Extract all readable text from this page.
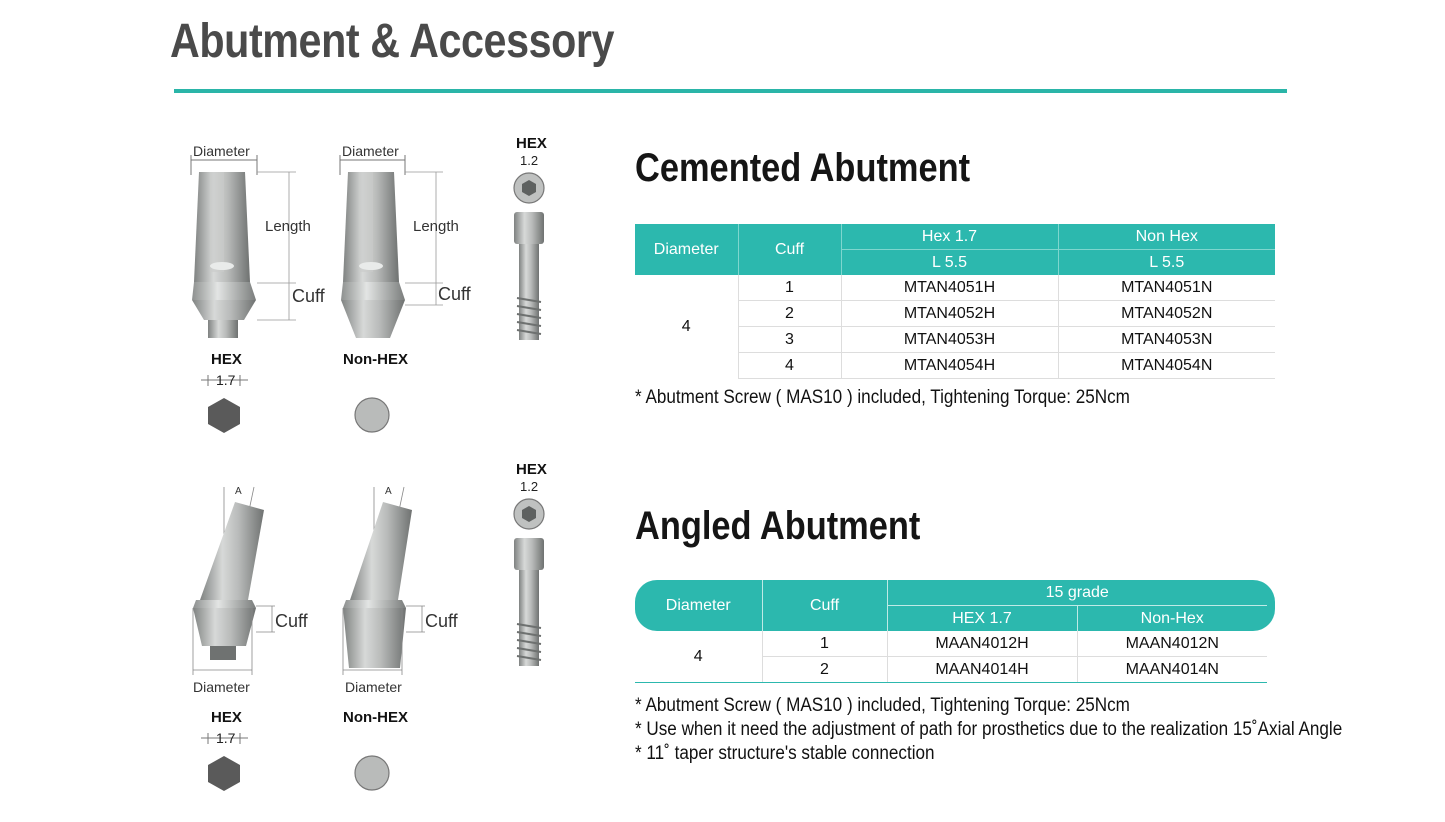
Abutment & Accessory
Diameter
Length
Cuff
Diameter
Length
Cuff
HEX
1.2
HEX
1.7
Non-HEX
A
Cuff
Diameter
A
Cuff
Diameter
HEX
1.2
HEX
1.7
Non-HEX
Cemented Abutment
Diameter	Cuff	Hex 1.7	Non Hex
		L 5.5	L 5.5
4	1	MTAN4051H	MTAN4051N
	2	MTAN4052H	MTAN4052N
	3	MTAN4053H	MTAN4053N
	4	MTAN4054H	MTAN4054N
* Abutment Screw ( MAS10 ) included, Tightening Torque: 25Ncm
Angled Abutment
Diameter	Cuff	15 grade	
		HEX 1.7	Non-Hex
4	1	MAAN4012H	MAAN4012N
	2	MAAN4014H	MAAN4014N
* Abutment Screw ( MAS10 ) included, Tightening Torque: 25Ncm
* Use when it need the adjustment of path for prosthetics due to the realization 15˚Axial Angle
* 11˚ taper structure's stable connection
